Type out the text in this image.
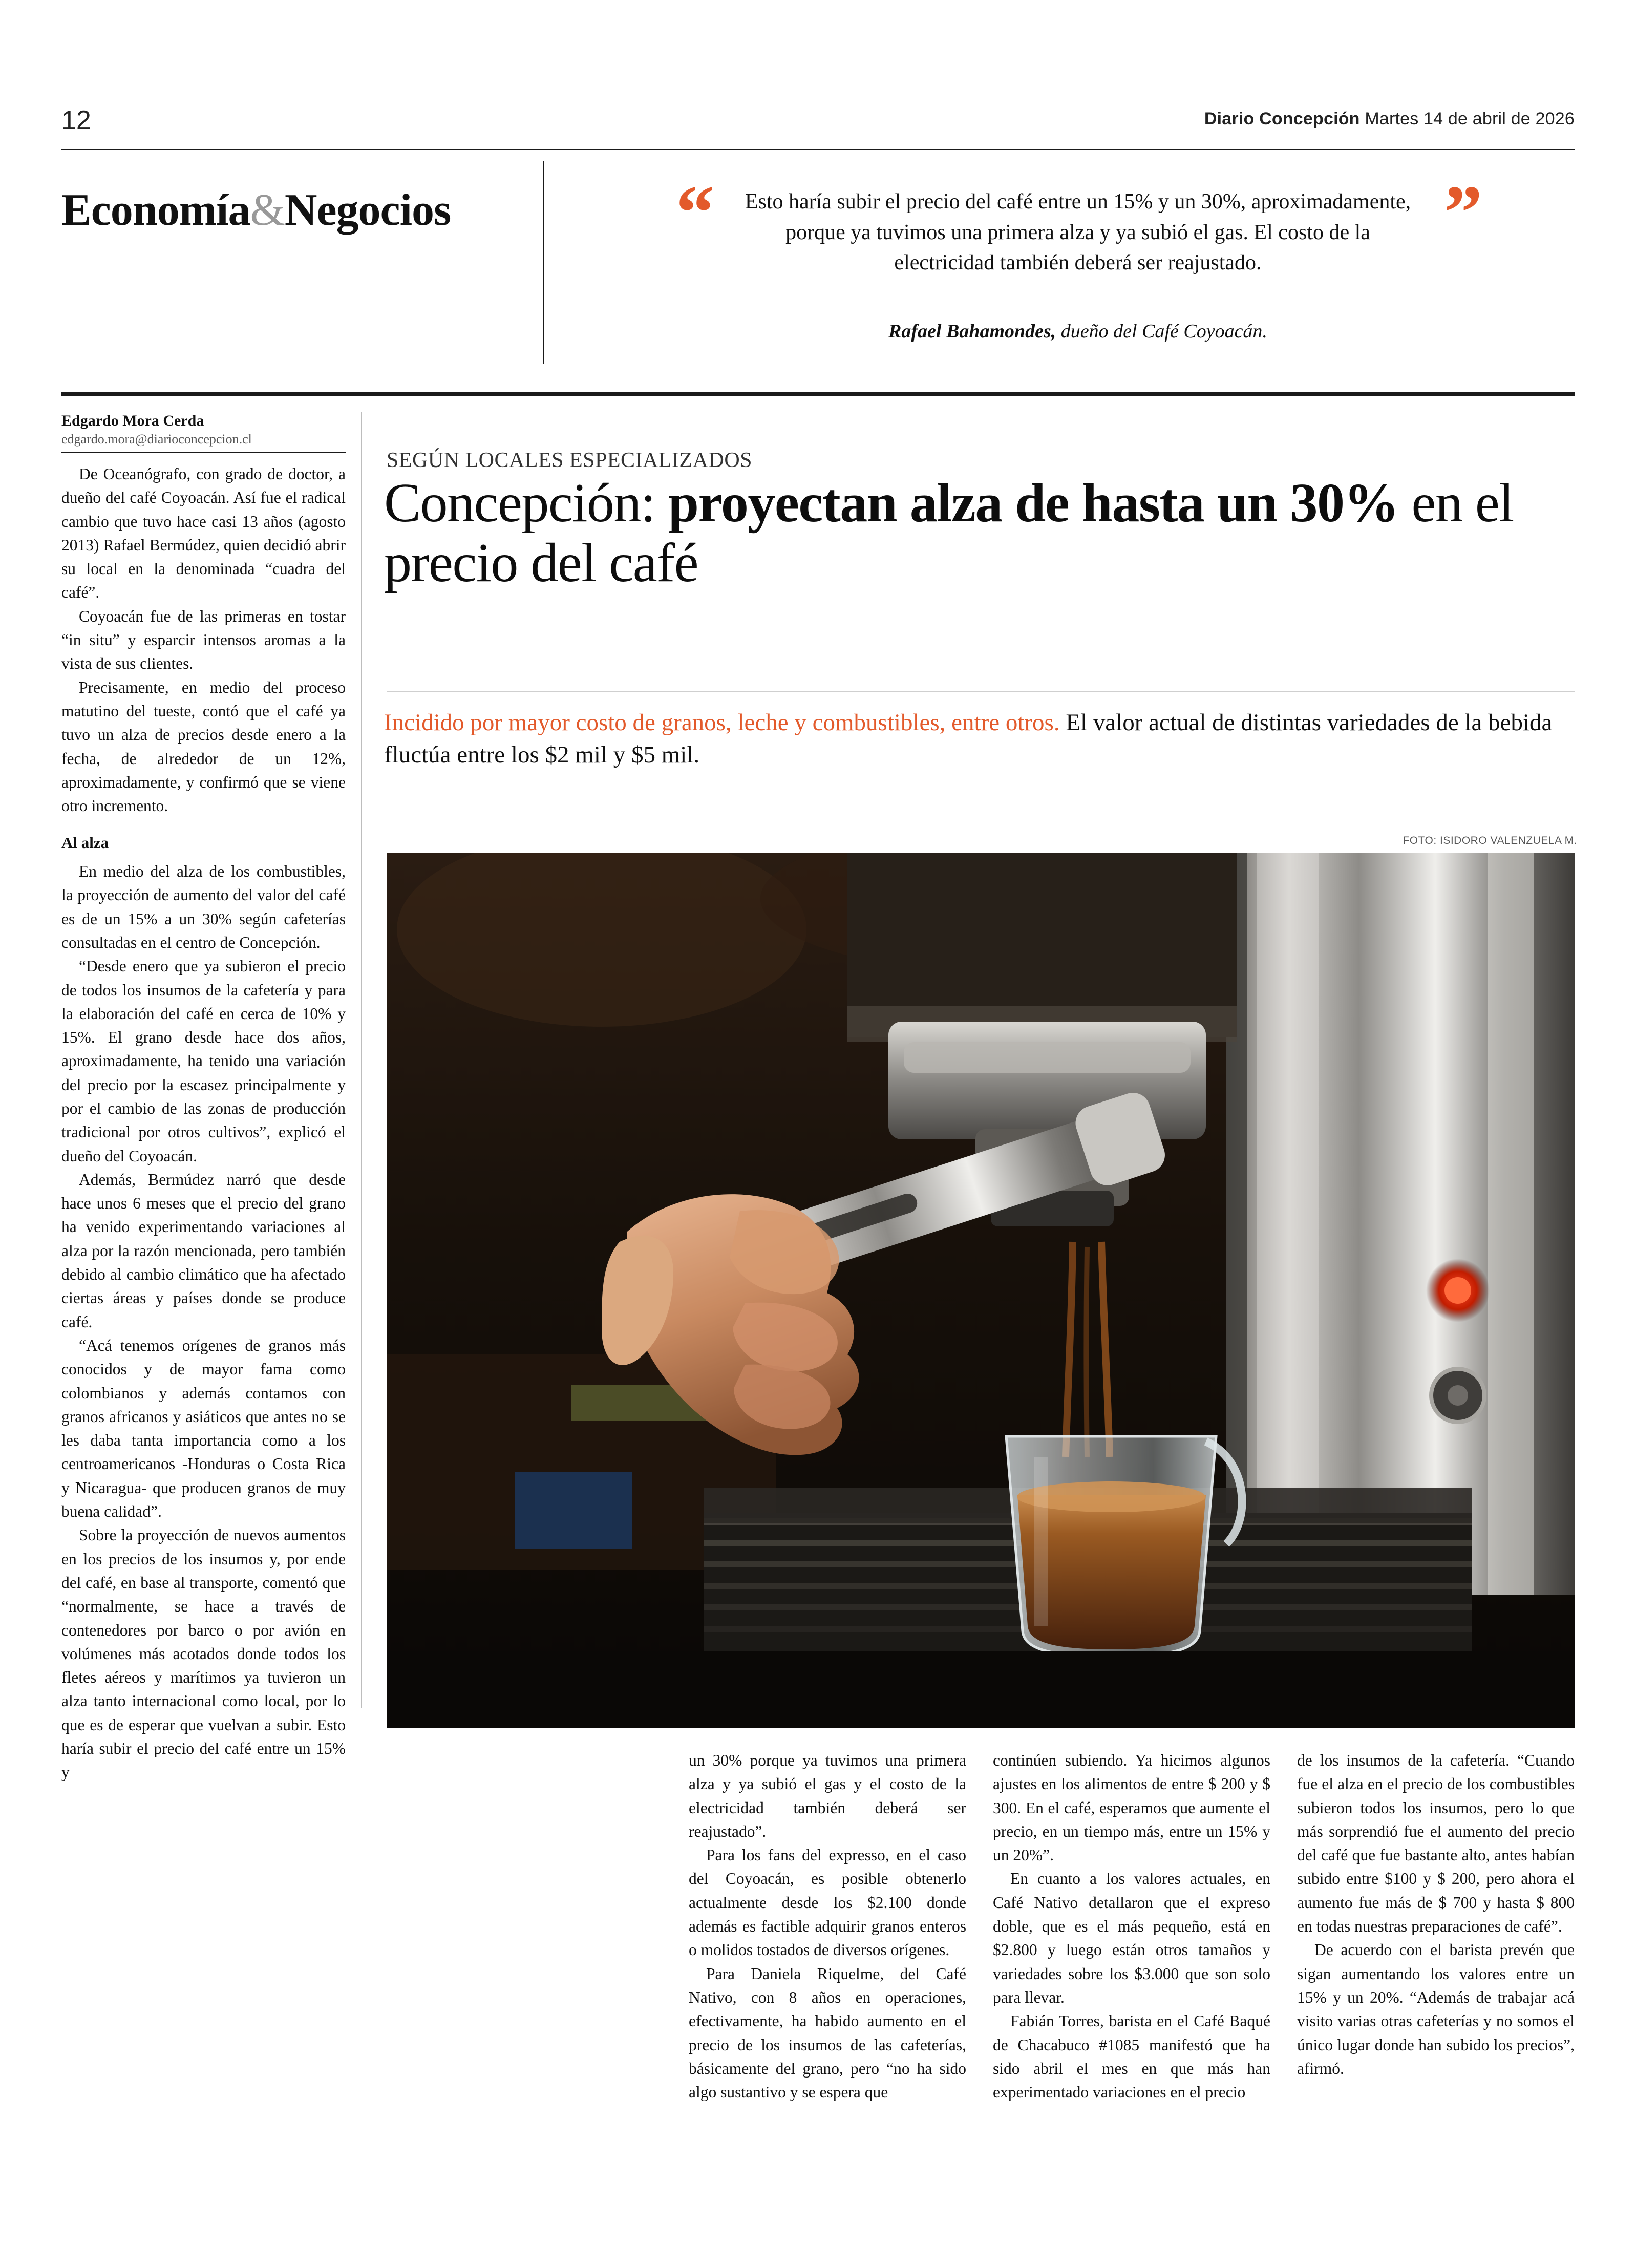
12	Diario Concepción Martes 14 de abril de 2026
Economía&Negocios	“	”
Esto haría subir el precio del café entre un 15% y un 30%, aproximadamente, porque ya tuvimos una primera alza y ya subió el gas. El costo de la electricidad también deberá ser reajustado.
Rafael Bahamondes, dueño del Café Coyoacán.
Edgardo Mora Cerda
edgardo.mora@diarioconcepcion.cl

De Oceanógrafo, con grado de doctor, a dueño del café Coyoacán. Así fue el radical cambio que tuvo hace casi 13 años (agosto 2013) Rafael Bermúdez, quien decidió abrir su local en la denominada “cuadra del café”.

Coyoacán fue de las primeras en tostar “in situ” y esparcir intensos aromas a la vista de sus clientes.

Precisamente, en medio del proceso matutino del tueste, contó que el café ya tuvo un alza de precios desde enero a la fecha, de alrededor de un 12%, aproximadamente, y confirmó que se viene otro incremento.

Al alza

En medio del alza de los combustibles, la proyección de aumento del valor del café es de un 15% a un 30% según cafeterías consultadas en el centro de Concepción.

“Desde enero que ya subieron el precio de todos los insumos de la cafetería y para la elaboración del café en cerca de 10% y 15%. El grano desde hace dos años, aproximadamente, ha tenido una variación del precio por la escasez principalmente y por el cambio de las zonas de producción tradicional por otros cultivos”, explicó el dueño del Coyoacán.

Además, Bermúdez narró que desde hace unos 6 meses que el precio del grano ha venido experimentando variaciones al alza por la razón mencionada, pero también debido al cambio climático que ha afectado ciertas áreas y países donde se produce café.

“Acá tenemos orígenes de granos más conocidos y de mayor fama como colombianos y además contamos con granos africanos y asiáticos que antes no se les daba tanta importancia como a los centroamericanos -Honduras o Costa Rica y Nicaragua- que producen granos de muy buena calidad”.

Sobre la proyección de nuevos aumentos en los precios de los insumos y, por ende del café, en base al transporte, comentó que “normalmente, se hace a través de contenedores por barco o por avión en volúmenes más acotados donde todos los fletes aéreos y marítimos ya tuvieron un alza tanto internacional como local, por lo que es de esperar que vuelvan a subir. Esto haría subir el precio del café entre un 15% y

SEGÚN LOCALES ESPECIALIZADOS
Concepción: proyectan alza de hasta un 30% en el precio del café
Incidido por mayor costo de granos, leche y combustibles, entre otros. El valor actual de distintas variedades de la bebida fluctúa entre los $2 mil y $5 mil.
FOTO: ISIDORO VALENZUELA M.

un 30% porque ya tuvimos una primera alza y ya subió el gas y el costo de la electricidad también deberá ser reajustado”.

Para los fans del expresso, en el caso del Coyoacán, es posible obtenerlo actualmente desde los $2.100 donde además es factible adquirir granos enteros o molidos tostados de diversos orígenes.

Para Daniela Riquelme, del Café Nativo, con 8 años en operaciones, efectivamente, ha habido aumento en el precio de los insumos de las cafeterías, básicamente del grano, pero “no ha sido algo sustantivo y se espera que

continúen subiendo. Ya hicimos algunos ajustes en los alimentos de entre $ 200 y $ 300. En el café, esperamos que aumente el precio, en un tiempo más, entre un 15% y un 20%”.

En cuanto a los valores actuales, en Café Nativo detallaron que el expreso doble, que es el más pequeño, está en $2.800 y luego están otros tamaños y variedades sobre los $3.000 que son solo para llevar.

Fabián Torres, barista en el Café Baqué de Chacabuco #1085 manifestó que ha sido abril el mes en que más han experimentado variaciones en el precio

de los insumos de la cafetería. “Cuando fue el alza en el precio de los combustibles subieron todos los insumos, pero lo que más sorprendió fue el aumento del precio del café que fue bastante alto, antes habían subido entre $100 y $ 200, pero ahora el aumento fue más de $ 700 y hasta $ 800 en todas nuestras preparaciones de café”.

De acuerdo con el barista prevén que sigan aumentando los valores entre un 15% y un 20%. “Además de trabajar acá visito varias otras cafeterías y no somos el único lugar donde han subido los precios”, afirmó.
